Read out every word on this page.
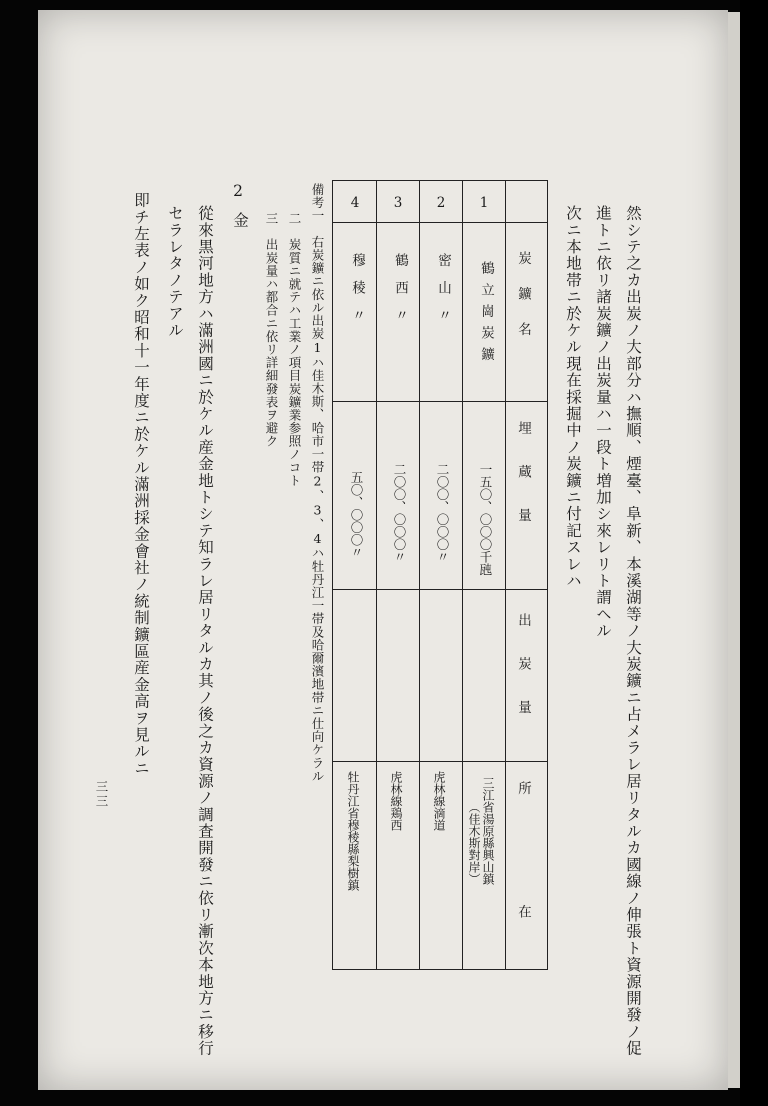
然シテ之カ出炭ノ大部分ハ撫順、煙臺、阜新、本溪湖等ノ大炭鑛ニ占メラレ居リタルカ國線ノ伸張ト資源開發ノ促
進トニ依リ諸炭鑛ノ出炭量ハ一段ト増加シ來レリト謂ヘル
次ニ本地帯ニ於ケル現在採掘中ノ炭鑛ニ付記スレハ
炭鑛名
埋蔵量
出炭量
所在
1
鶴立崗炭鑛
一五〇、〇〇〇千瓲
三江省湯原縣興山鎮
（佳木斯對岸）
2
密山〃
二〇〇、〇〇〇〃
虎林線滴道
3
鶴西〃
二〇〇、〇〇〇〃
虎林線鶏西
4
穆稜〃
五〇、〇〇〇〃
牡丹江省穆稜縣梨樹鎮
備考一　右炭鑛ニ依ル出炭1ハ佳木斯、哈市一帯2、3、4ハ牡丹江一帯及哈爾濱地帯ニ仕向ケラル
二　炭質ニ就テハ工業ノ項目炭鑛業参照ノコト
三　出炭量ハ都合ニ依リ詳細發表ヲ避ク
2
金
從來黒河地方ハ滿洲國ニ於ケル産金地トシテ知ラレ居リタルカ其ノ後之カ資源ノ調査開發ニ依リ漸次本地方ニ移行
セラレタノテアル
即チ左表ノ如ク昭和十一年度ニ於ケル滿洲採金會社ノ統制鑛區産金高ヲ見ルニ
三三
